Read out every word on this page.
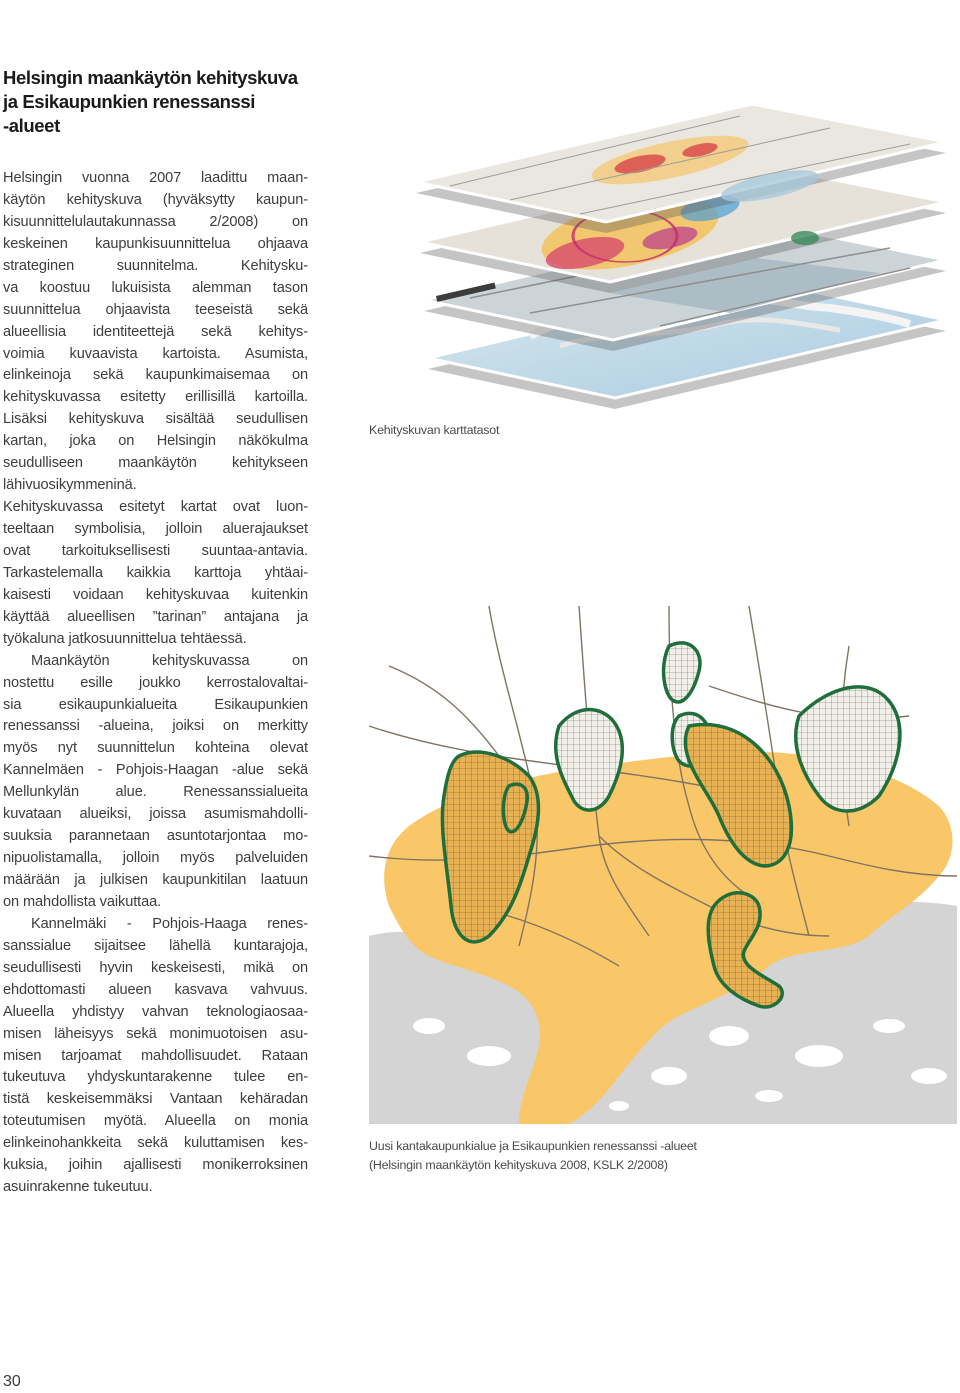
Helsingin maankäytön kehityskuva
ja Esikaupunkien renessanssi
-alueet
Helsingin vuonna 2007 laadittu maan-
käytön kehityskuva (hyväksytty kaupun-
kisuunnittelulautakunnassa 2/2008) on
keskeinen kaupunkisuunnittelua ohjaava
strateginen suunnitelma. Kehitysku-
va koostuu lukuisista alemman tason
suunnittelua ohjaavista teeseistä sekä
alueellisia identiteettejä sekä kehitys-
voimia kuvaavista kartoista. Asumista,
elinkeinoja sekä kaupunkimaisemaa on
kehityskuvassa esitetty erillisillä kartoilla.
Lisäksi kehityskuva sisältää seudullisen
kartan, joka on Helsingin näkökulma
seudulliseen maankäytön kehitykseen
lähivuosikymmeninä.
Kehityskuvassa esitetyt kartat ovat luon-
teeltaan symbolisia, jolloin aluerajaukset
ovat tarkoituksellisesti suuntaa-antavia.
Tarkastelemalla kaikkia karttoja yhtäai-
kaisesti voidaan kehityskuvaa kuitenkin
käyttää alueellisen ”tarinan” antajana ja
työkaluna jatkosuunnittelua tehtäessä.
Maankäytön kehityskuvassa on
nostettu esille joukko kerrostalovaltai-
sia esikaupunkialueita Esikaupunkien
renessanssi -alueina, joiksi on merkitty
myös nyt suunnittelun kohteina olevat
Kannelmäen - Pohjois-Haagan -alue sekä
Mellunkylän alue. Renessanssialueita
kuvataan alueiksi, joissa asumismahdolli-
suuksia parannetaan asuntotarjontaa mo-
nipuolistamalla, jolloin myös palveluiden
määrään ja julkisen kaupunkitilan laatuun
on mahdollista vaikuttaa.
Kannelmäki - Pohjois-Haaga renes-
sanssialue sijaitsee lähellä kuntarajoja,
seudullisesti hyvin keskeisesti, mikä on
ehdottomasti alueen kasvava vahvuus.
Alueella yhdistyy vahvan teknologiaosaa-
misen läheisyys sekä monimuotoisen asu-
misen tarjoamat mahdollisuudet. Rataan
tukeutuva yhdyskuntarakenne tulee en-
tistä keskeisemmäksi Vantaan kehäradan
toteutumisen myötä. Alueella on monia
elinkeinohankkeita sekä kuluttamisen kes-
kuksia, joihin ajallisesti monikerroksinen
asuinrakenne tukeutuu.
Kehityskuvan karttatasot
Uusi kantakaupunkialue ja Esikaupunkien renessanssi -alueet
(Helsingin maankäytön kehityskuva 2008, KSLK 2/2008)
30
